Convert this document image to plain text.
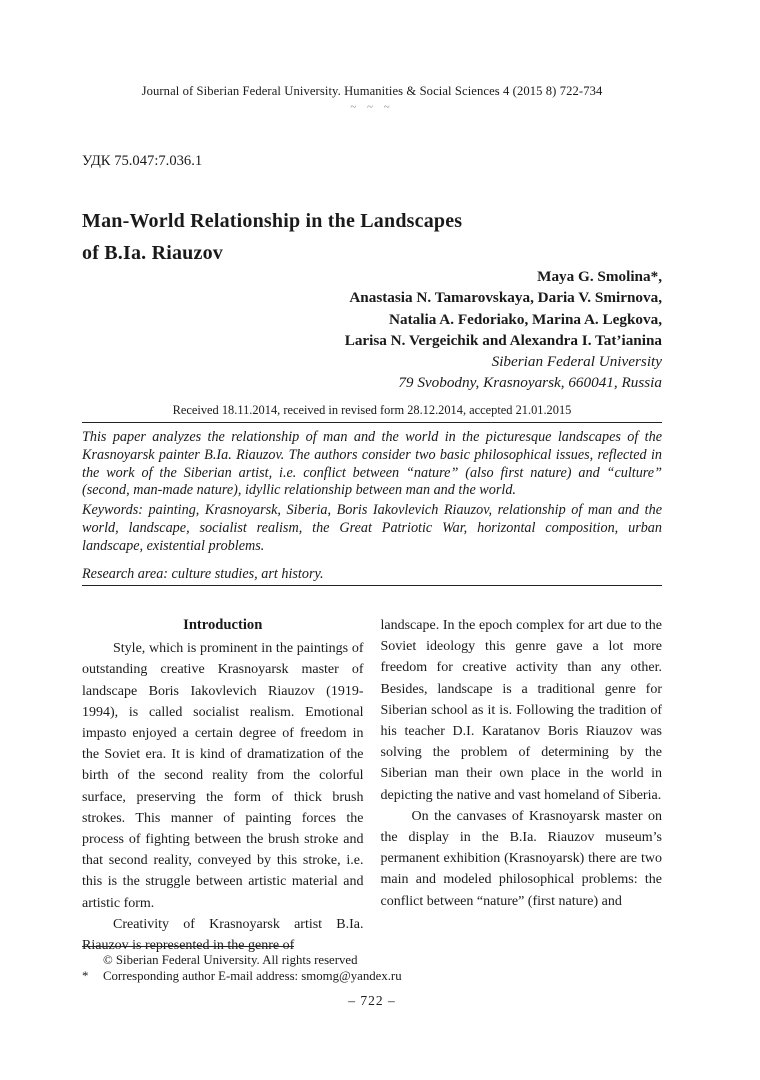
Journal of Siberian Federal University. Humanities & Social Sciences 4 (2015 8) 722-734
~ ~ ~
УДК 75.047:7.036.1
Man-World Relationship in the Landscapes
of B.Ia. Riauzov
Maya G. Smolina*,
Anastasia N. Tamarovskaya, Daria V. Smirnova,
Natalia A. Fedoriako, Marina A. Legkova,
Larisa N. Vergeichik and Alexandra I. Tat’ianina
Siberian Federal University
79 Svobodny, Krasnoyarsk, 660041, Russia
Received 18.11.2014, received in revised form 28.12.2014, accepted 21.01.2015
This paper analyzes the relationship of man and the world in the picturesque landscapes of the Krasnoyarsk painter B.Ia. Riauzov. The authors consider two basic philosophical issues, reflected in the work of the Siberian artist, i.e. conflict between “nature” (also first nature) and “culture” (second, man-made nature), idyllic relationship between man and the world.
Keywords: painting, Krasnoyarsk, Siberia, Boris Iakovlevich Riauzov, relationship of man and the world, landscape, socialist realism, the Great Patriotic War, horizontal composition, urban landscape, existential problems.
Research area: culture studies, art history.
Introduction

Style, which is prominent in the paintings of outstanding creative Krasnoyarsk master of landscape Boris Iakovlevich Riauzov (1919-1994), is called socialist realism. Emotional impasto enjoyed a certain degree of freedom in the Soviet era. It is kind of dramatization of the birth of the second reality from the colorful surface, preserving the form of thick brush strokes. This manner of painting forces the process of fighting between the brush stroke and that second reality, conveyed by this stroke, i.e. this is the struggle between artistic material and artistic form.

Creativity of Krasnoyarsk artist B.Ia. Riauzov is represented in the genre of

landscape. In the epoch complex for art due to the Soviet ideology this genre gave a lot more freedom for creative activity than any other. Besides, landscape is a traditional genre for Siberian school as it is. Following the tradition of his teacher D.I. Karatanov Boris Riauzov was solving the problem of determining by the Siberian man their own place in the world in depicting the native and vast homeland of Siberia.

On the canvases of Krasnoyarsk master on the display in the B.Ia. Riauzov museum’s permanent exhibition (Krasnoyarsk) there are two main and modeled philosophical problems: the conflict between “nature” (first nature) and

© Siberian Federal University. All rights reserved
* Corresponding author E-mail address: smomg@yandex.ru
– 722 –
